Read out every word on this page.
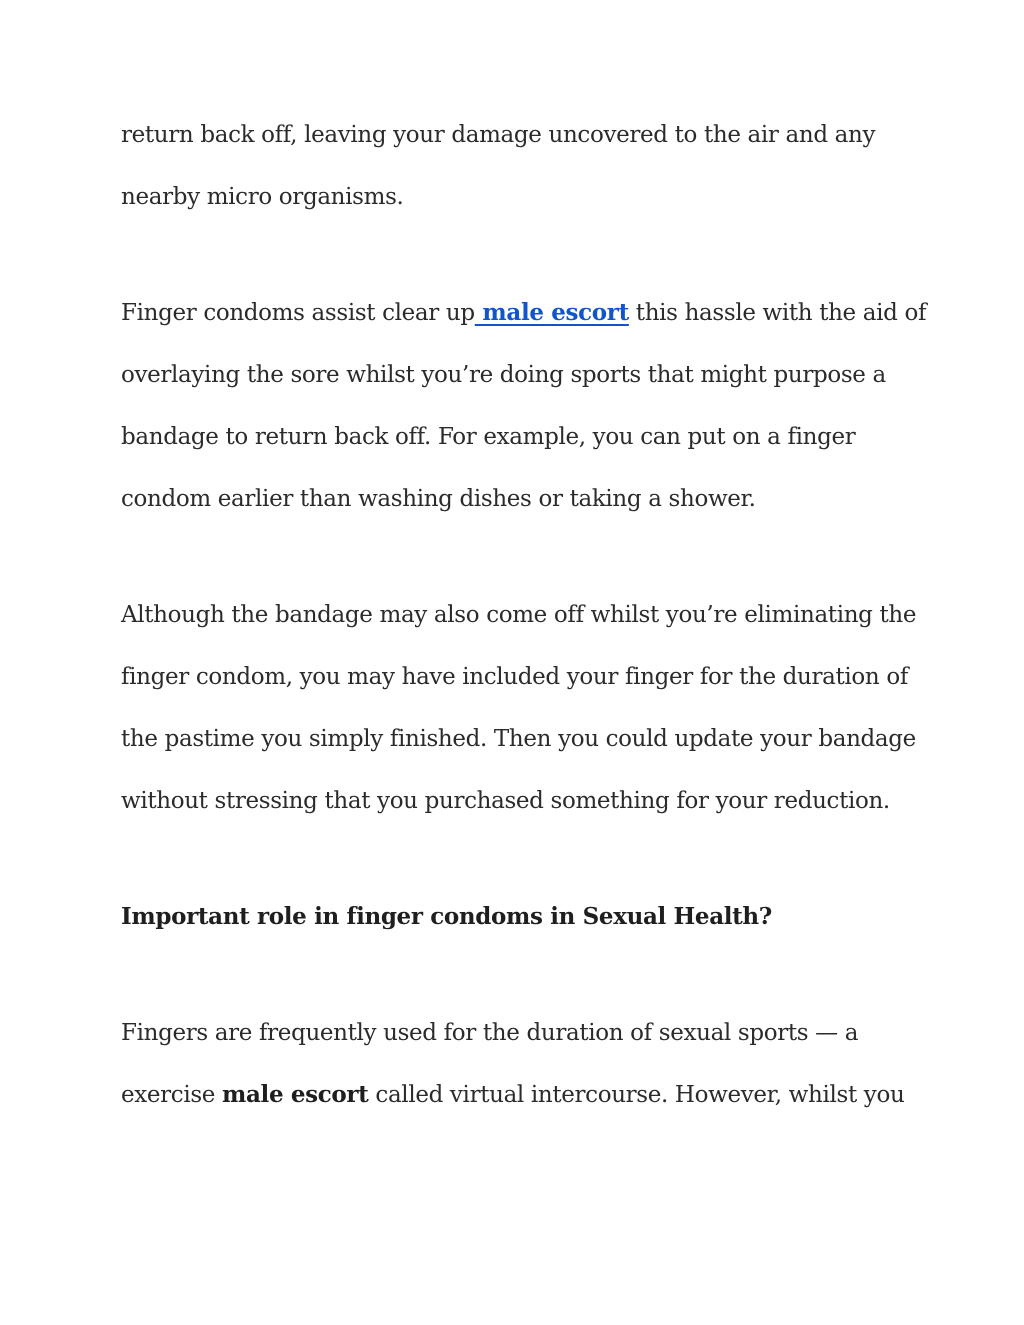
return back off, leaving your damage uncovered to the air and any
nearby micro organisms.
Finger condoms assist clear up male escort this hassle with the aid of
overlaying the sore whilst you’re doing sports that might purpose a
bandage to return back off. For example, you can put on a finger
condom earlier than washing dishes or taking a shower.
Although the bandage may also come off whilst you’re eliminating the
finger condom, you may have included your finger for the duration of
the pastime you simply finished. Then you could update your bandage
without stressing that you purchased something for your reduction.
Important role in finger condoms in Sexual Health?
Fingers are frequently used for the duration of sexual sports — a
exercise male escort called virtual intercourse. However, whilst you
